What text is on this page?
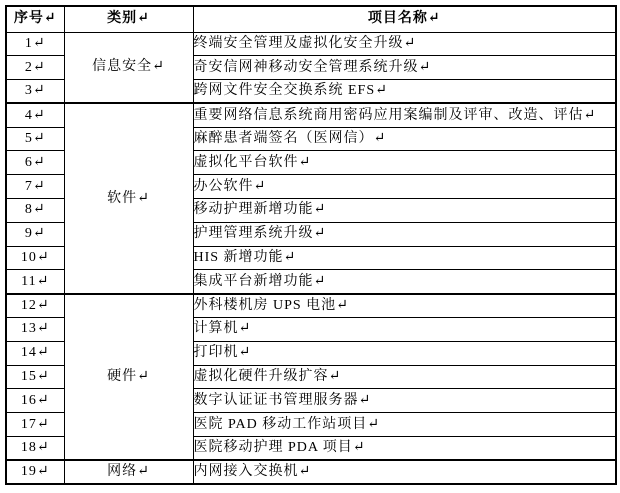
序号↵	类别↵	项目名称↵
1↵	信息安全↵	终端安全管理及虚拟化安全升级↵
2↵		奇安信网神移动安全管理系统升级↵
3↵		跨网文件安全交换系统 EFS↵
4↵	软件↵	重要网络信息系统商用密码应用案编制及评审、改造、评估↵
5↵		麻醉患者端签名（医网信）↵
6↵		虚拟化平台软件↵
7↵		办公软件↵
8↵		移动护理新增功能↵
9↵		护理管理系统升级↵
10↵		HIS 新增功能↵
11↵		集成平台新增功能↵
12↵	硬件↵	外科楼机房 UPS 电池↵
13↵		计算机↵
14↵		打印机↵
15↵		虚拟化硬件升级扩容↵
16↵		数字认证证书管理服务器↵
17↵		医院 PAD 移动工作站项目↵
18↵		医院移动护理 PDA 项目↵
19↵	网络↵	内网接入交换机↵
